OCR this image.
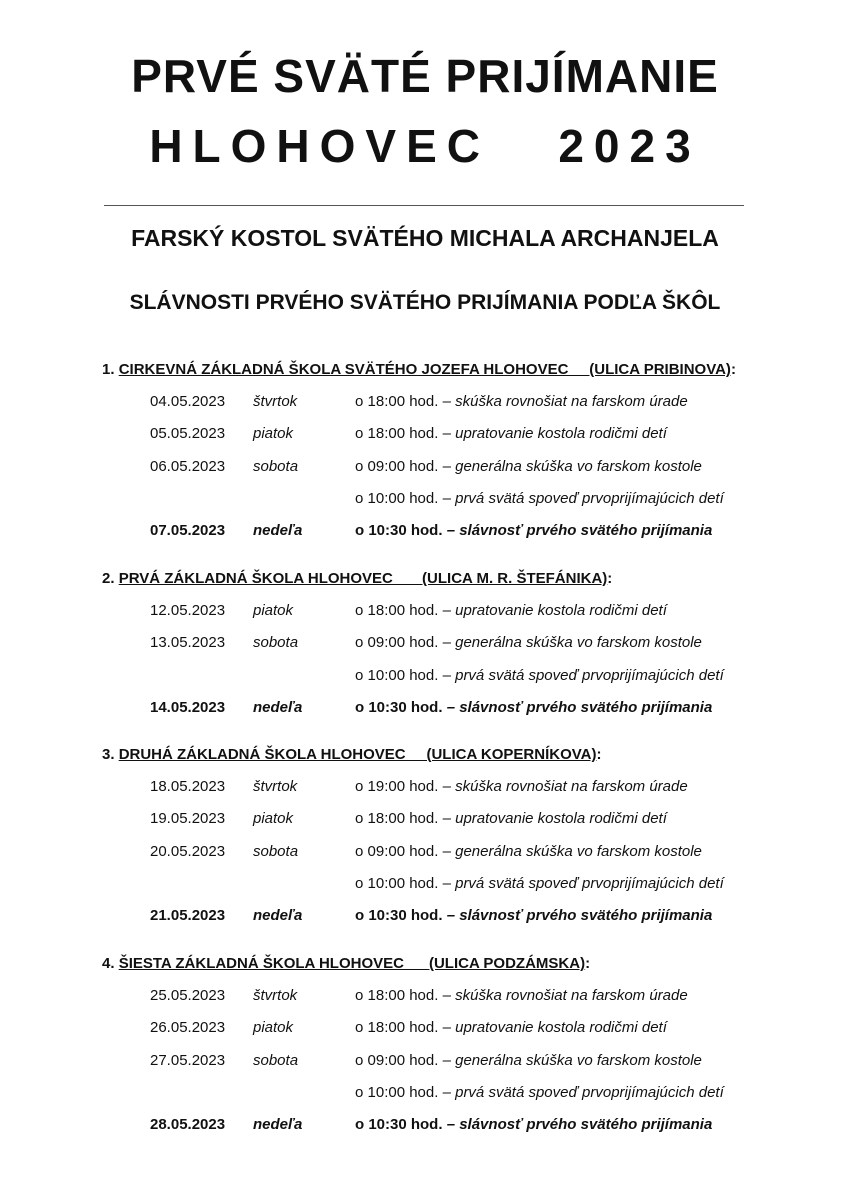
PRVÉ SVÄTÉ PRIJÍMANIE
HLOHOVEC   2023
FARSKÝ KOSTOL SVÄTÉHO MICHALA ARCHANJELA
SLÁVNOSTI PRVÉHO SVÄTÉHO PRIJÍMANIA PODĽA ŠKÔL
1. CIRKEVNÁ ZÁKLADNÁ ŠKOLA SVÄTÉHO JOZEFA HLOHOVEC     (ULICA PRIBINOVA):
04.05.2023 štvrtok	o 18:00 hod. – skúška rovnošiat na farskom úrade
05.05.2023 piatok	o 18:00 hod. – upratovanie kostola rodičmi detí
06.05.2023 sobota	o 09:00 hod. – generálna skúška vo farskom kostole
o 10:00 hod. – prvá svätá spoveď prvoprijímajúcich detí
07.05.2023 nedeľa	o 10:30 hod. – slávnosť prvého svätého prijímania
2. PRVÁ ZÁKLADNÁ ŠKOLA HLOHOVEC       (ULICA M. R. ŠTEFÁNIKA):
12.05.2023 piatok	o 18:00 hod. – upratovanie kostola rodičmi detí
13.05.2023 sobota	o 09:00 hod. – generálna skúška vo farskom kostole
o 10:00 hod. – prvá svätá spoveď prvoprijímajúcich detí
14.05.2023 nedeľa	o 10:30 hod. – slávnosť prvého svätého prijímania
3. DRUHÁ ZÁKLADNÁ ŠKOLA HLOHOVEC     (ULICA KOPERNÍKOVA):
18.05.2023 štvrtok	o 19:00 hod. – skúška rovnošiat na farskom úrade
19.05.2023 piatok	o 18:00 hod. – upratovanie kostola rodičmi detí
20.05.2023 sobota	o 09:00 hod. – generálna skúška vo farskom kostole
o 10:00 hod. – prvá svätá spoveď prvoprijímajúcich detí
21.05.2023 nedeľa	o 10:30 hod. – slávnosť prvého svätého prijímania
4. ŠIESTA ZÁKLADNÁ ŠKOLA HLOHOVEC      (ULICA PODZÁMSKA):
25.05.2023 štvrtok	o 18:00 hod. – skúška rovnošiat na farskom úrade
26.05.2023 piatok	o 18:00 hod. – upratovanie kostola rodičmi detí
27.05.2023 sobota	o 09:00 hod. – generálna skúška vo farskom kostole
o 10:00 hod. – prvá svätá spoveď prvoprijímajúcich detí
28.05.2023 nedeľa	o 10:30 hod. – slávnosť prvého svätého prijímania
